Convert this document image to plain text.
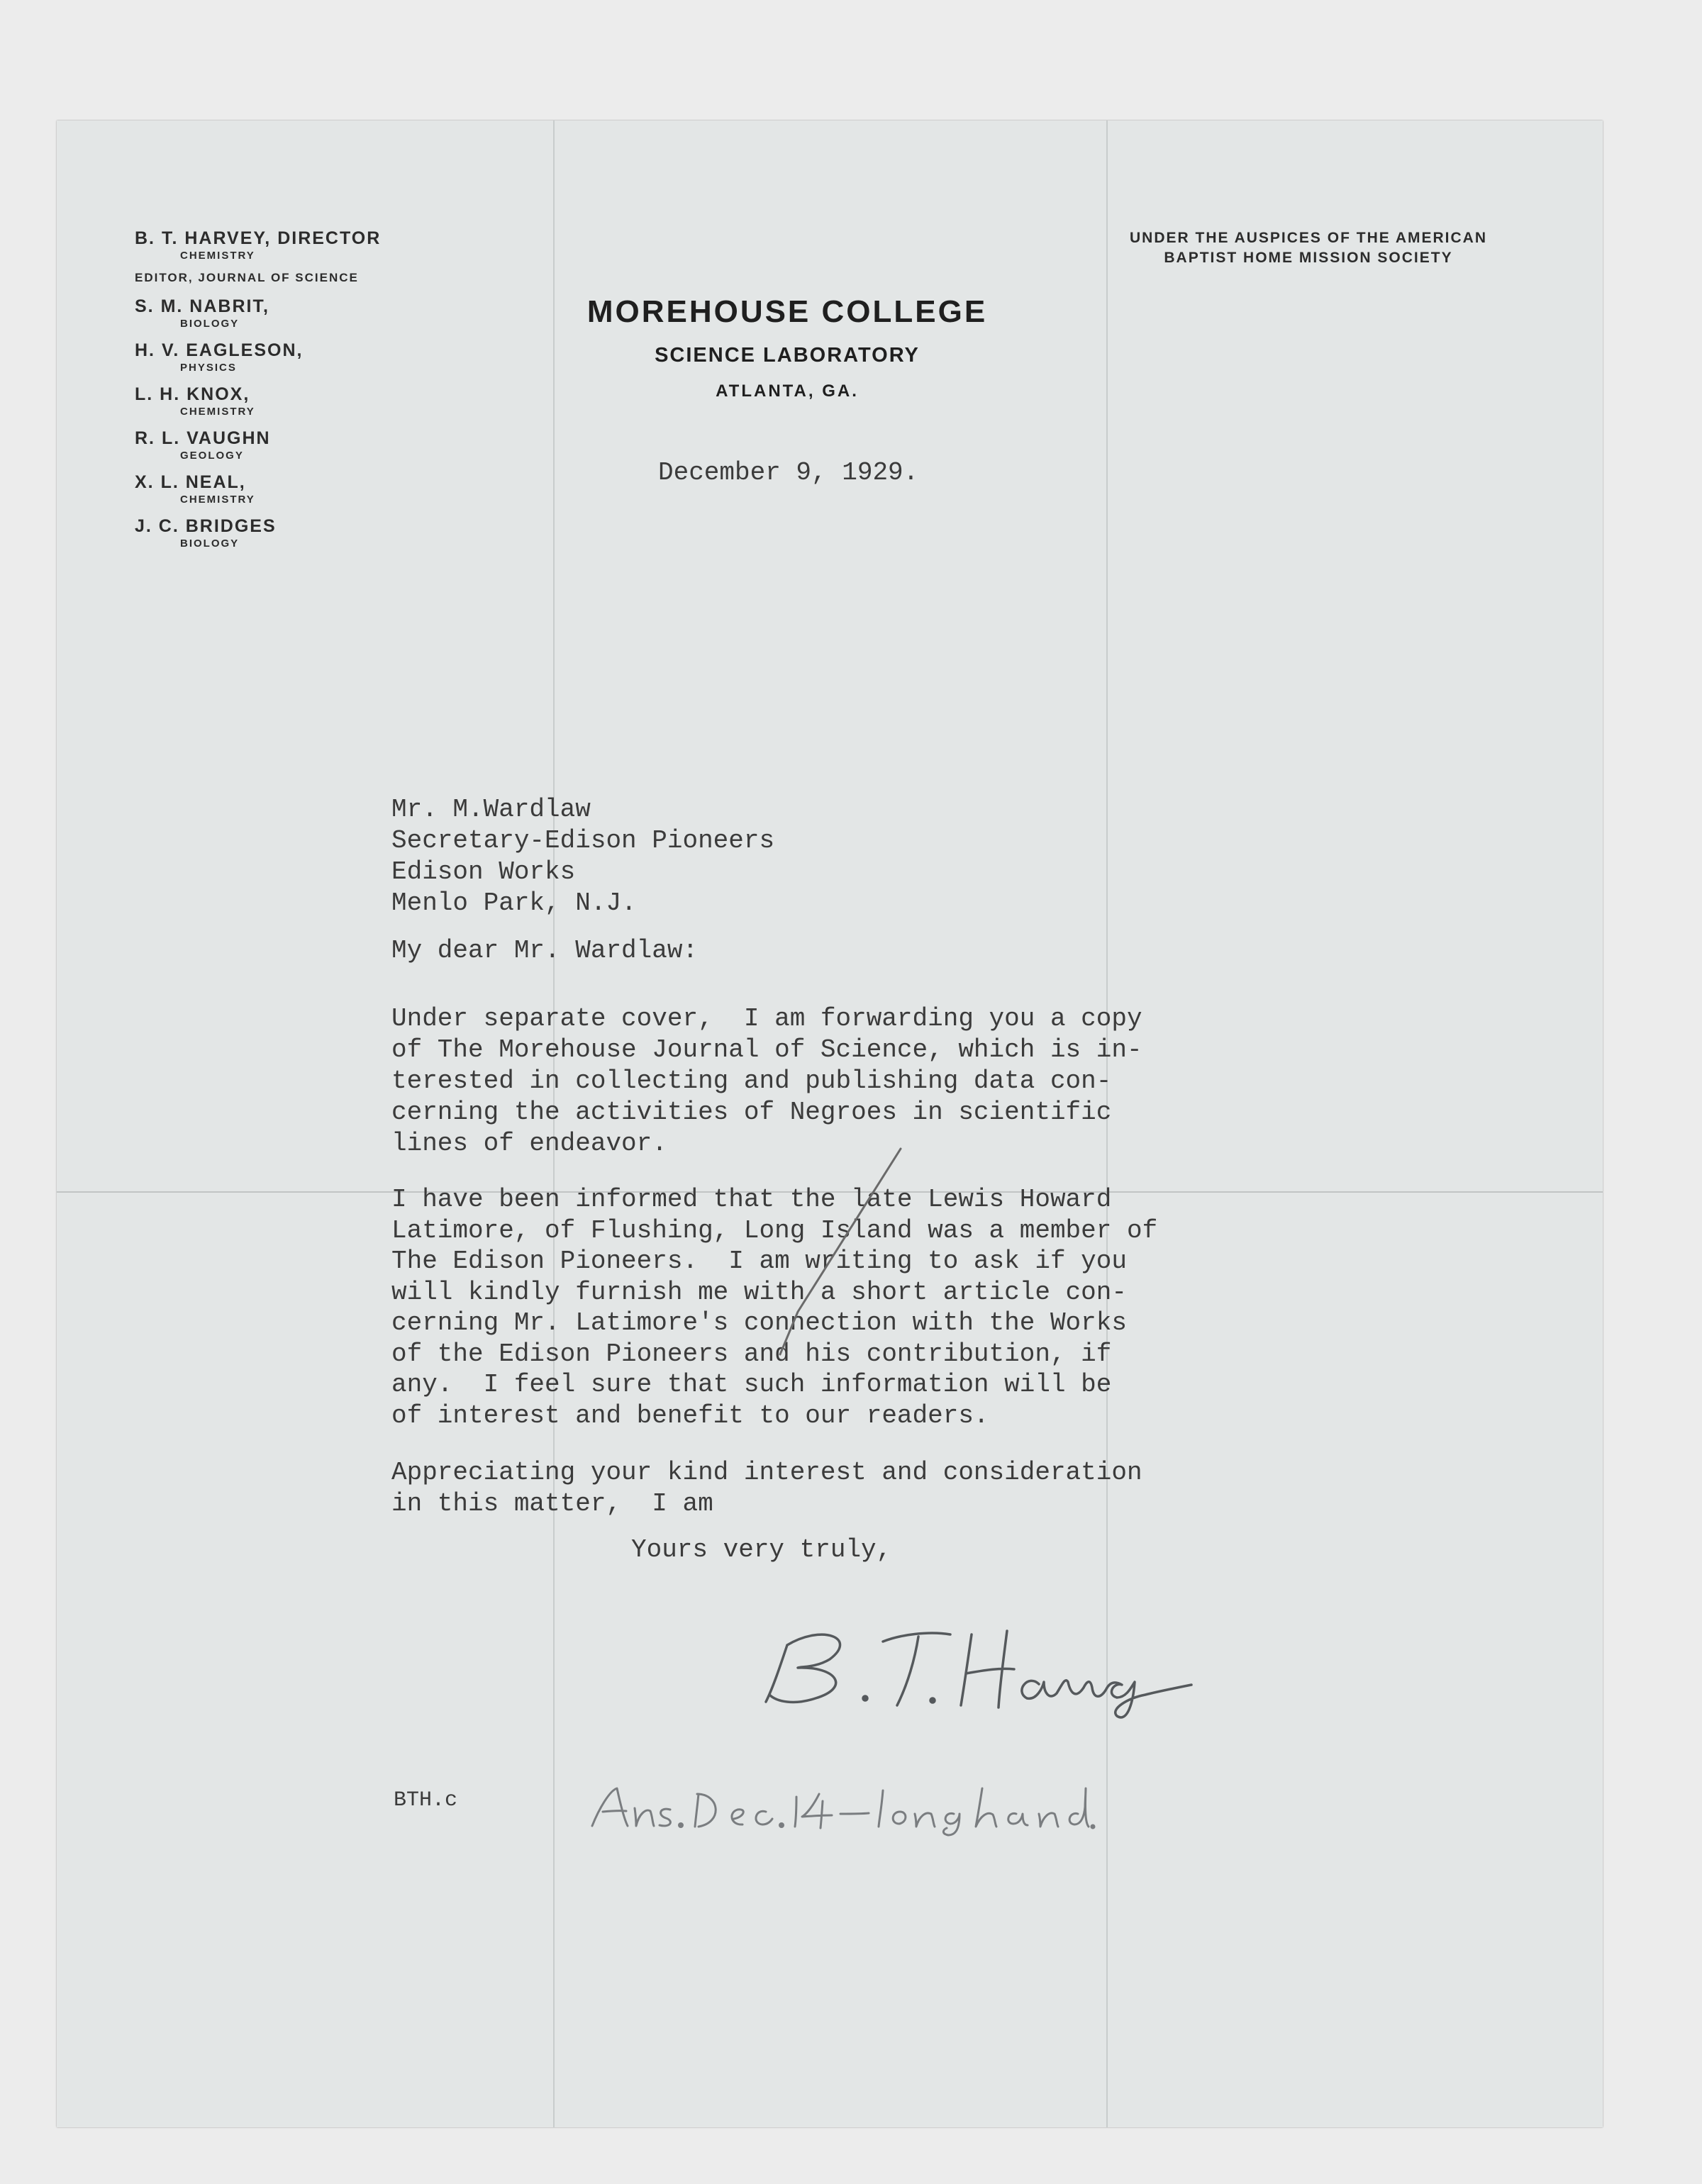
B. T. HARVEY, DIRECTOR
CHEMISTRY
EDITOR, JOURNAL OF SCIENCE
S. M. NABRIT,
BIOLOGY
H. V. EAGLESON,
PHYSICS
L. H. KNOX,
CHEMISTRY
R. L. VAUGHN
GEOLOGY
X. L. NEAL,
CHEMISTRY
J. C. BRIDGES
BIOLOGY
UNDER THE AUSPICES OF THE AMERICAN
BAPTIST HOME MISSION SOCIETY
MOREHOUSE COLLEGE
SCIENCE LABORATORY
ATLANTA, GA.
December 9, 1929.
Mr. M.Wardlaw
Secretary-Edison Pioneers
Edison Works
Menlo Park, N.J.
My dear Mr. Wardlaw:
Under separate cover,  I am forwarding you a copy
of The Morehouse Journal of Science, which is in-
terested in collecting and publishing data con-
cerning the activities of Negroes in scientific
lines of endeavor.
I have been informed that the late Lewis Howard
Latimore, of Flushing, Long Island was a member of
The Edison Pioneers.  I am writing to ask if you
will kindly furnish me with a short article con-
cerning Mr. Latimore's connection with the Works
of the Edison Pioneers and his contribution, if
any.  I feel sure that such information will be
of interest and benefit to our readers.
Appreciating your kind interest and consideration
in this matter,  I am
Yours very truly,
BTH.c
